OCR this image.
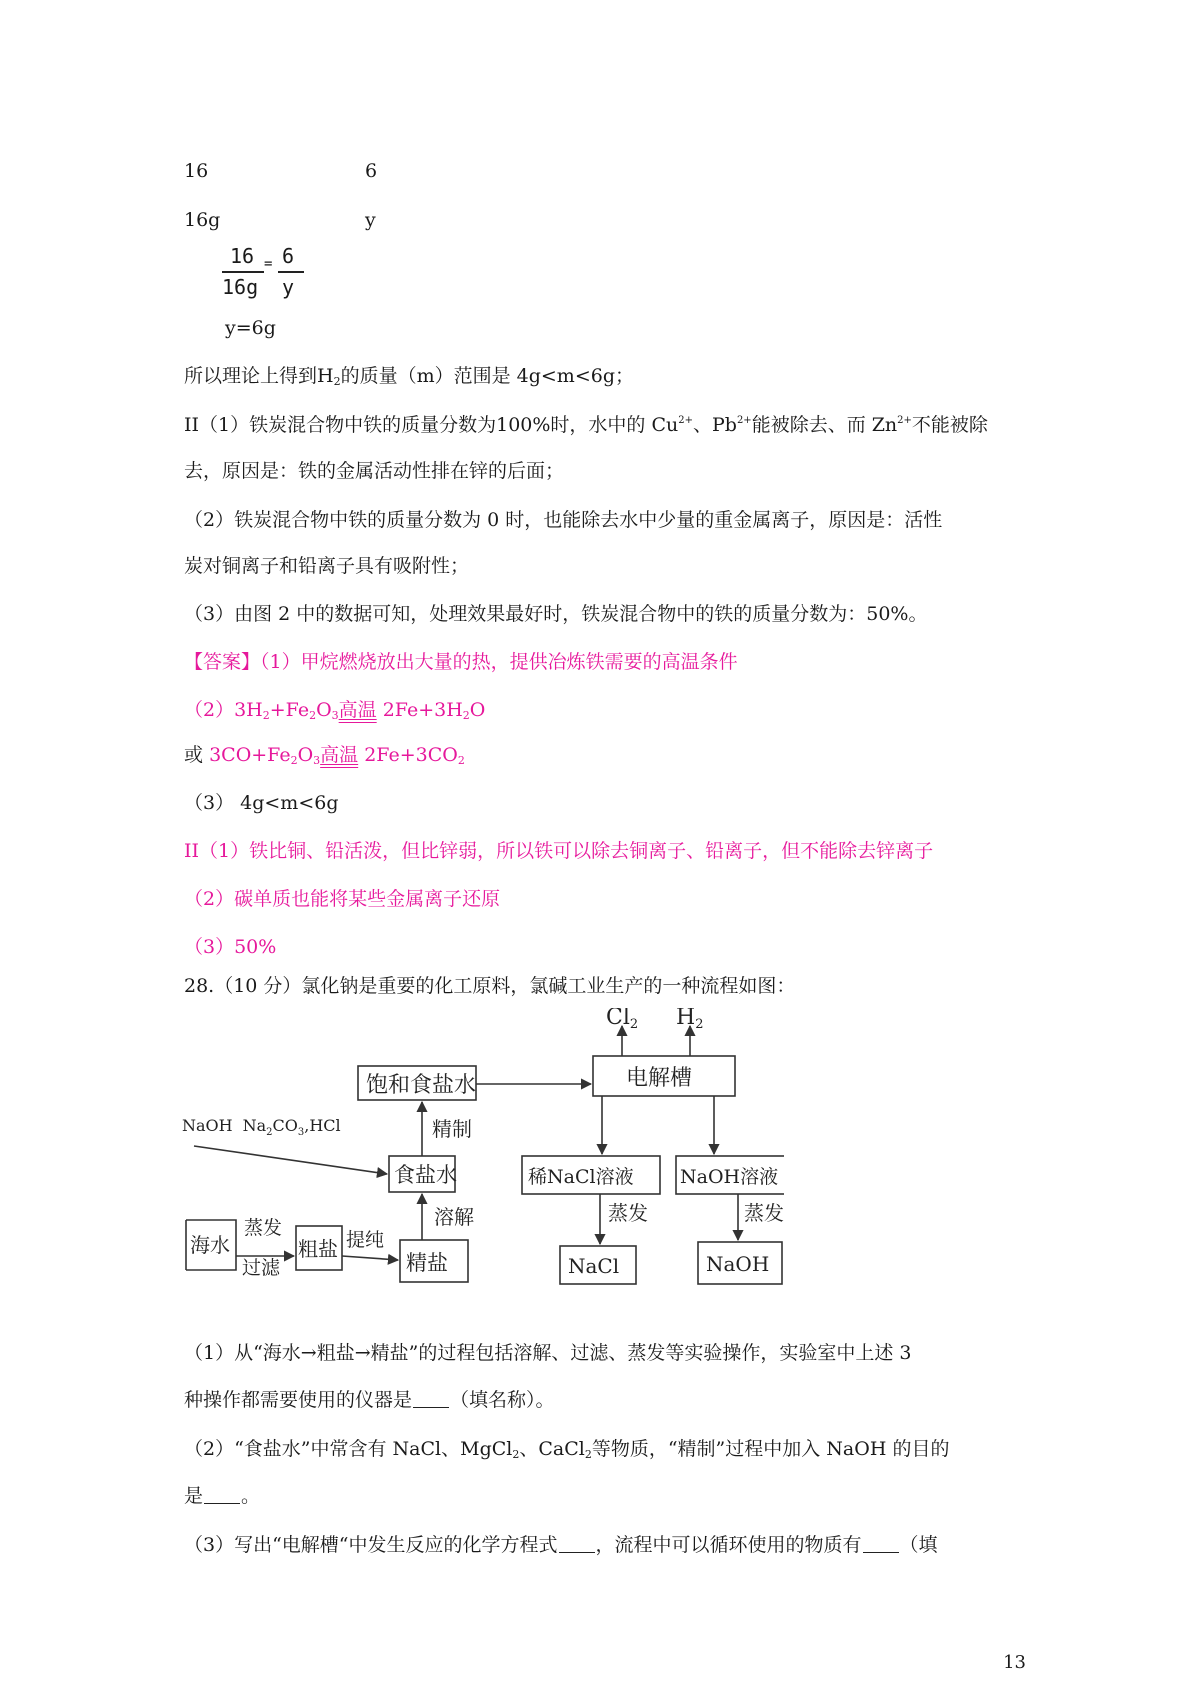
16	6
16g	y
16 6
=
16g y
y=6g
所以理论上得到$H_2$的质量（m）范围是 4g<m<6g；
II（1）铁炭混合物中铁的质量分数为100%时，水中的 $Cu^{2+}$、$Pb^{2+}$能被除去、而 $Zn^{2+}$不能被除
去，原因是：铁的金属活动性排在锌的后面；
（2）铁炭混合物中铁的质量分数为 0 时，也能除去水中少量的重金属离子，原因是：活性
炭对铜离子和铅离子具有吸附性；
（3）由图 2 中的数据可知，处理效果最好时，铁炭混合物中的铁的质量分数为：50%。
【答案】（1）甲烷燃烧放出大量的热，提供冶炼铁需要的高温条件
$(2)3H_2+Fe_2O_3$高温 $2Fe+3H_2O$
或 $3CO+Fe_2O_3$高温 $2Fe+3CO_2$
（3） 4g<m<6g
II（1）铁比铜、铅活泼，但比锌弱，所以铁可以除去铜离子、铅离子，但不能除去锌离子
（2）碳单质也能将某些金属离子还原
（3）50%
28.（10 分）氯化钠是重要的化工原料，氯碱工业生产的一种流程如图：
Cl2 H2
饱和食盐水	电解槽
精制
NaOH $Na_2CO_3,HCl$
食盐水	稀NaCl溶液 NaOH溶液
海水
蒸发
过滤
粗盐 提纯
溶解
精盐
蒸发	蒸发
NaCl	NaOH
（1）从“海水→粗盐→精盐”的过程包括溶解、过滤、蒸发等实验操作，实验室中上述 3
种操作都需要使用的仪器是 （填名称）。
（2）“食盐水”中常含有 NaCl、MgCl$_2$、CaCl$_2$等物质，“精制”过程中加入 NaOH 的目的
是 。
（3）写出“电解槽“中发生反应的化学方程式 ，流程中可以循环使用的物质有 （填
13
